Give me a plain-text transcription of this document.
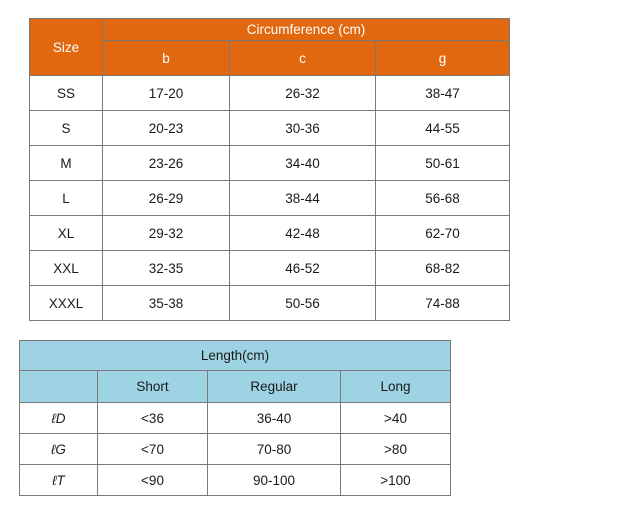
Size	Circumference (cm)		
	b	c	g
SS	17-20	26-32	38-47
S	20-23	30-36	44-55
M	23-26	34-40	50-61
L	26-29	38-44	56-68
XL	29-32	42-48	62-70
XXL	32-35	46-52	68-82
XXXL	35-38	50-56	74-88
Length(cm)			
	Short	Regular	Long
ℓD	<36	36-40	>40
ℓG	<70	70-80	>80
ℓT	<90	90-100	>100
